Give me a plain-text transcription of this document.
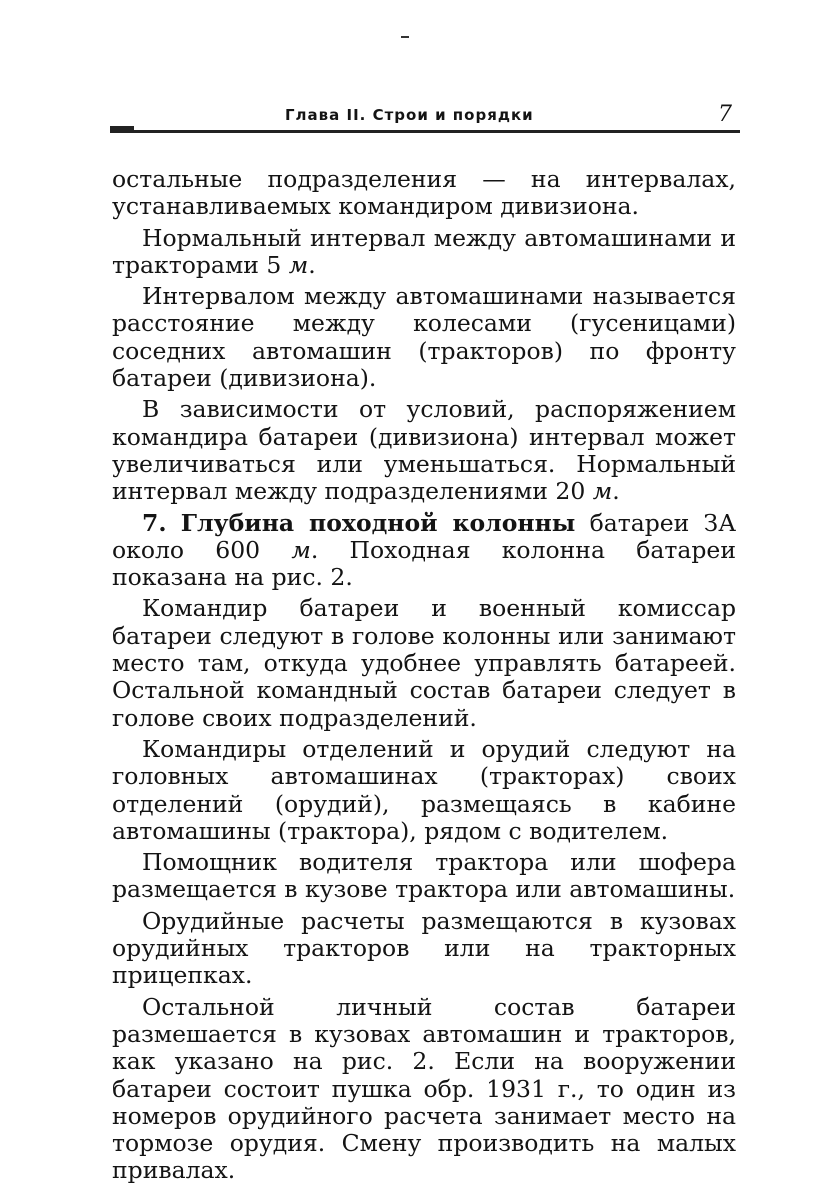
Глава II. Строи и порядки	7

остальные подразделения — на интервалах, устанавливаемых командиром дивизиона.

Нормальный интервал между автомашинами и тракторами 5 м.

Интервалом между автомашинами называется расстояние между колесами (гусеницами) соседних автомашин (тракторов) по фронту батареи (дивизиона).

В зависимости от условий, распоряжением командира батареи (дивизиона) интервал может увеличиваться или уменьшаться. Нормальный интервал между подразделениями 20 м.

7. Глубина походной колонны батареи ЗА около 600 м. Походная колонна батареи показана на рис. 2.

Командир батареи и военный комиссар батареи следуют в голове колонны или занимают место там, откуда удобнее управлять батареей. Остальной командный состав батареи следует в голове своих подразделений.

Командиры отделений и орудий следуют на головных автомашинах (тракторах) своих отделений (орудий), размещаясь в кабине автомашины (трактора), рядом с водителем.

Помощник водителя трактора или шофера размещается в кузове трактора или автомашины.

Орудийные расчеты размещаются в кузовах орудийных тракторов или на тракторных прицепках.

Остальной личный состав батареи размешается в кузовах автомашин и тракторов, как указано на рис. 2. Если на вооружении батареи состоит пушка обр. 1931 г., то один из номеров орудийного расчета занимает место на тормозе орудия. Смену производить на малых привалах.
